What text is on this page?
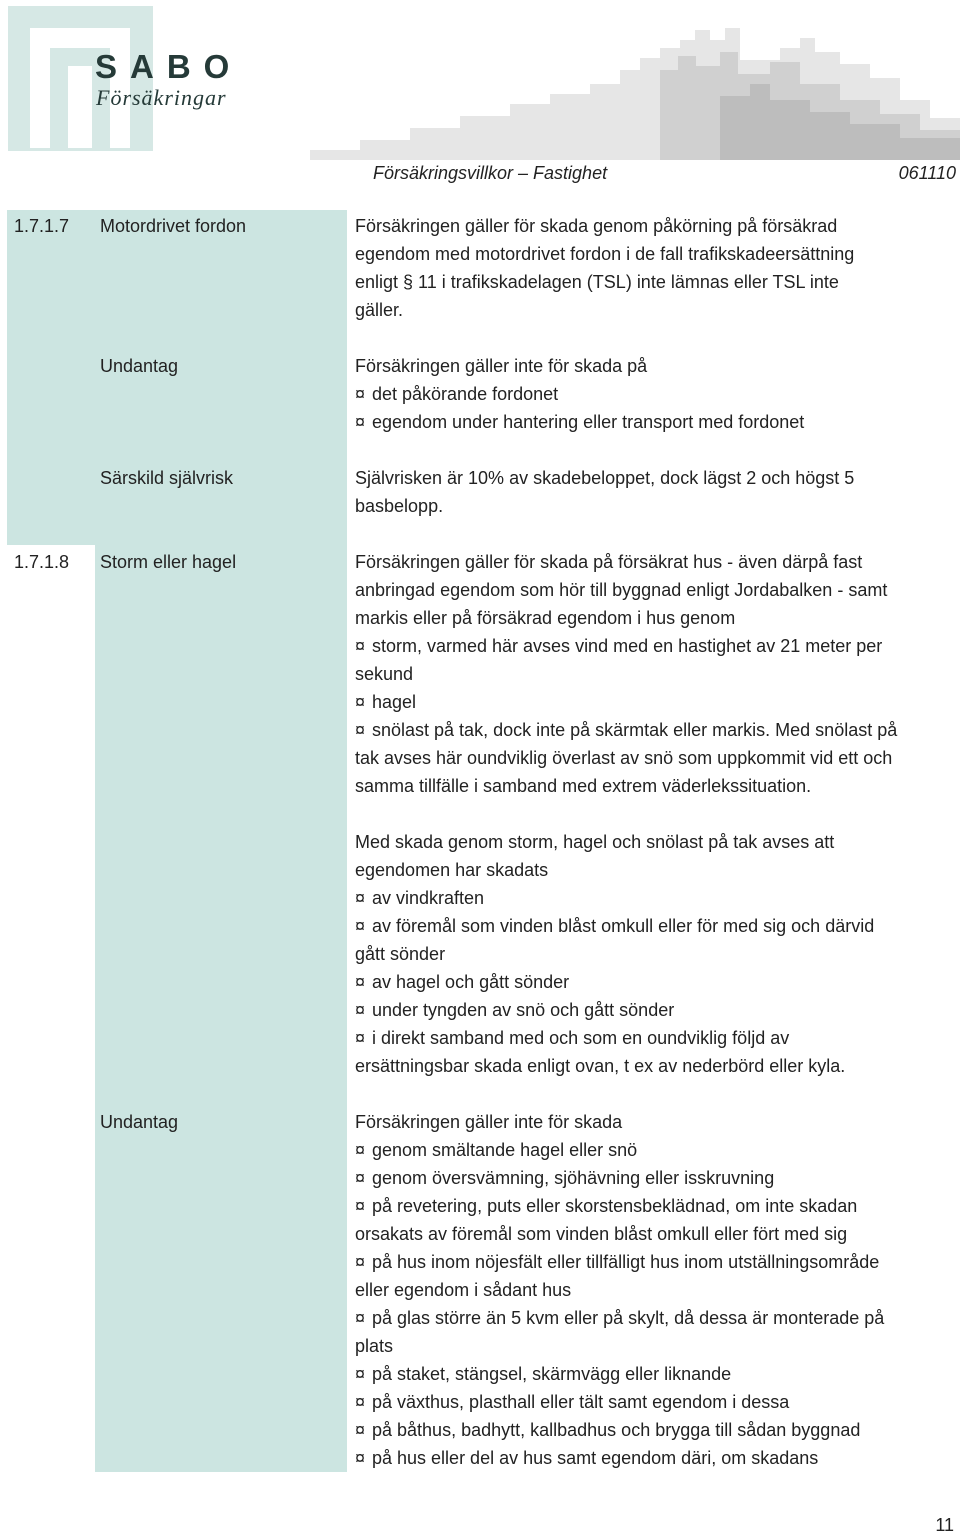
SABO
Försäkringar
Försäkringsvillkor – Fastighet	061110
1.7.1.7 Motordrivet fordon	Försäkringen gäller för skada genom påkörning på försäkrad
egendom med motordrivet fordon i de fall trafikskadeersättning
enligt § 11 i trafikskadelagen (TSL) inte lämnas eller TSL inte
gäller.
Undantag	Försäkringen gäller inte för skada på
¤ det påkörande fordonet
¤ egendom under hantering eller transport med fordonet
Särskild självrisk	Självrisken är 10% av skadebeloppet, dock lägst 2 och högst 5
basbelopp.
1.7.1.8 Storm eller hagel	Försäkringen gäller för skada på försäkrat hus - även därpå fast
anbringad egendom som hör till byggnad enligt Jordabalken - samt
markis eller på försäkrad egendom i hus genom
¤ storm, varmed här avses vind med en hastighet av 21 meter per
sekund
¤ hagel
¤ snölast på tak, dock inte på skärmtak eller markis. Med snölast på
tak avses här oundviklig överlast av snö som uppkommit vid ett och
samma tillfälle i samband med extrem väderlekssituation.
Med skada genom storm, hagel och snölast på tak avses att
egendomen har skadats
¤ av vindkraften
¤ av föremål som vinden blåst omkull eller för med sig och därvid
gått sönder
¤ av hagel och gått sönder
¤ under tyngden av snö och gått sönder
¤ i direkt samband med och som en oundviklig följd av
ersättningsbar skada enligt ovan, t ex av nederbörd eller kyla.
Undantag	Försäkringen gäller inte för skada
¤ genom smältande hagel eller snö
¤ genom översvämning, sjöhävning eller isskruvning
¤ på revetering, puts eller skorstensbeklädnad, om inte skadan
orsakats av föremål som vinden blåst omkull eller fört med sig
¤ på hus inom nöjesfält eller tillfälligt hus inom utställningsområde
eller egendom i sådant hus
¤ på glas större än 5 kvm eller på skylt, då dessa är monterade på
plats
¤ på staket, stängsel, skärmvägg eller liknande
¤ på växthus, plasthall eller tält samt egendom i dessa
¤ på båthus, badhytt, kallbadhus och brygga till sådan byggnad
¤ på hus eller del av hus samt egendom däri, om skadans
11
